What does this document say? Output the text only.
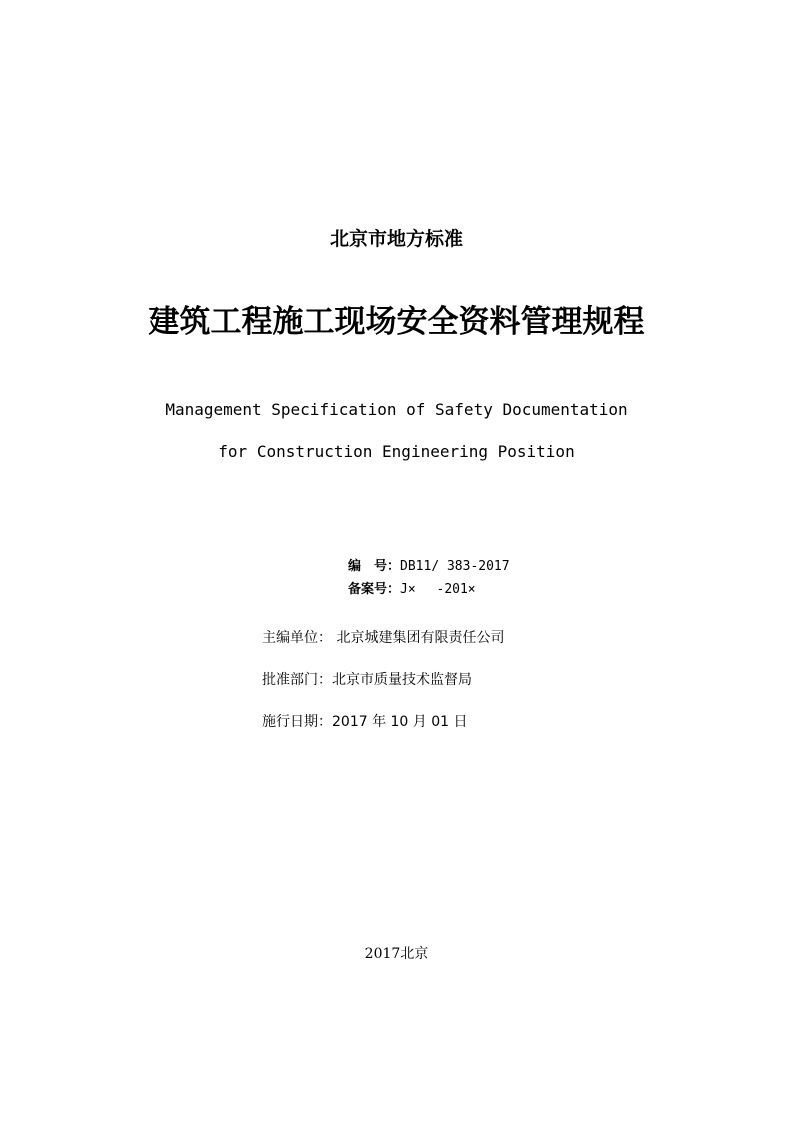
北京市地方标准
建筑工程施工现场安全资料管理规程
Management Specification of Safety Documentation
for Construction Engineering Position
编　号：DB11/ 383-2017
备案号：J×　 -201×
主编单位： 北京城建集团有限责任公司
批准部门：北京市质量技术监督局
施行日期：2017 年 10 月 01 日
2017北京
